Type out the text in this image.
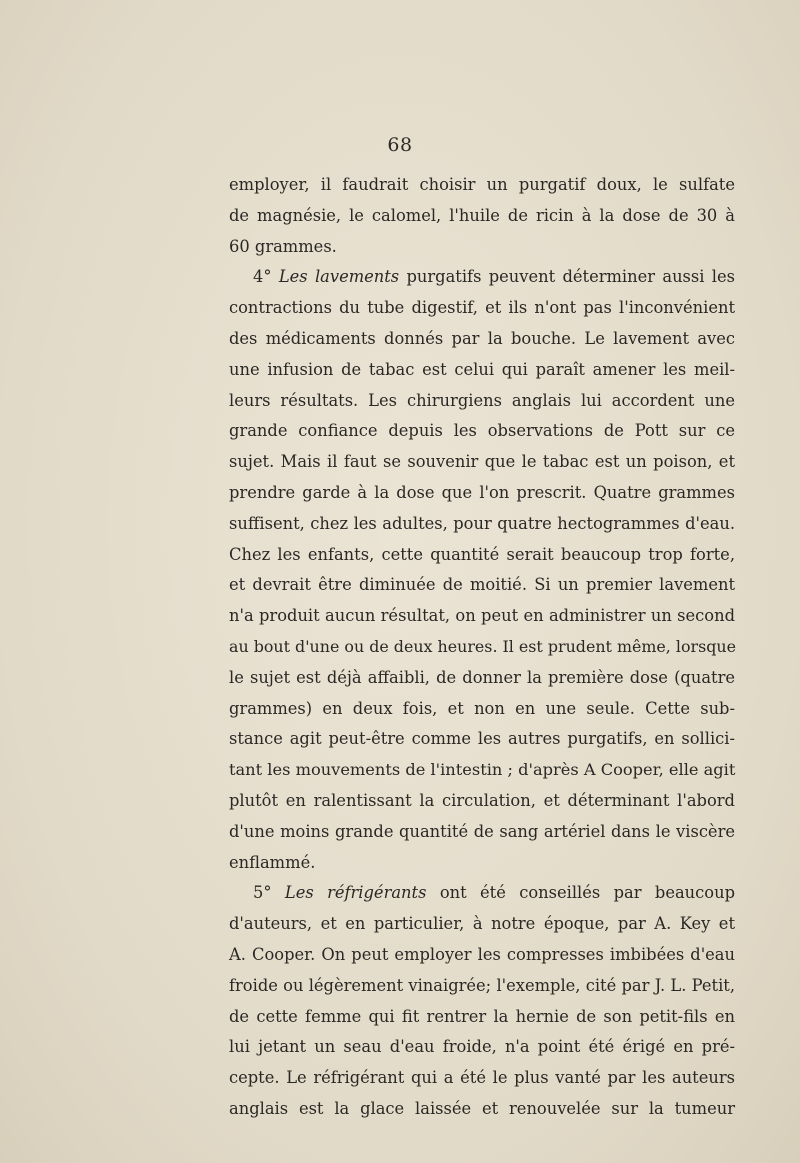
68
employer, il faudrait choisir un purgatif doux, le sulfate
de magnésie, le calomel, l'huile de ricin à la dose de 30 à
60 grammes.
4° Les lavements purgatifs peuvent déterminer aussi les
contractions du tube digestif, et ils n'ont pas l'inconvénient
des médicaments donnés par la bouche. Le lavement avec
une infusion de tabac est celui qui paraît amener les meil-
leurs résultats. Les chirurgiens anglais lui accordent une
grande confiance depuis les observations de Pott sur ce
sujet. Mais il faut se souvenir que le tabac est un poison, et
prendre garde à la dose que l'on prescrit. Quatre grammes
suffisent, chez les adultes, pour quatre hectogrammes d'eau.
Chez les enfants, cette quantité serait beaucoup trop forte,
et devrait être diminuée de moitié. Si un premier lavement
n'a produit aucun résultat, on peut en administrer un second
au bout d'une ou de deux heures. Il est prudent même, lorsque
le sujet est déjà affaibli, de donner la première dose (quatre
grammes) en deux fois, et non en une seule. Cette sub-
stance agit peut-être comme les autres purgatifs, en sollici-
tant les mouvements de l'intestin ; d'après A Cooper, elle agit
plutôt en ralentissant la circulation, et déterminant l'abord
d'une moins grande quantité de sang artériel dans le viscère
enflammé.
5° Les réfrigérants ont été conseillés par beaucoup
d'auteurs, et en particulier, à notre époque, par A. Key et
A. Cooper. On peut employer les compresses imbibées d'eau
froide ou légèrement vinaigrée; l'exemple, cité par J. L. Petit,
de cette femme qui fit rentrer la hernie de son petit-fils en
lui jetant un seau d'eau froide, n'a point été érigé en pré-
cepte. Le réfrigérant qui a été le plus vanté par les auteurs
anglais est la glace laissée et renouvelée sur la tumeur
